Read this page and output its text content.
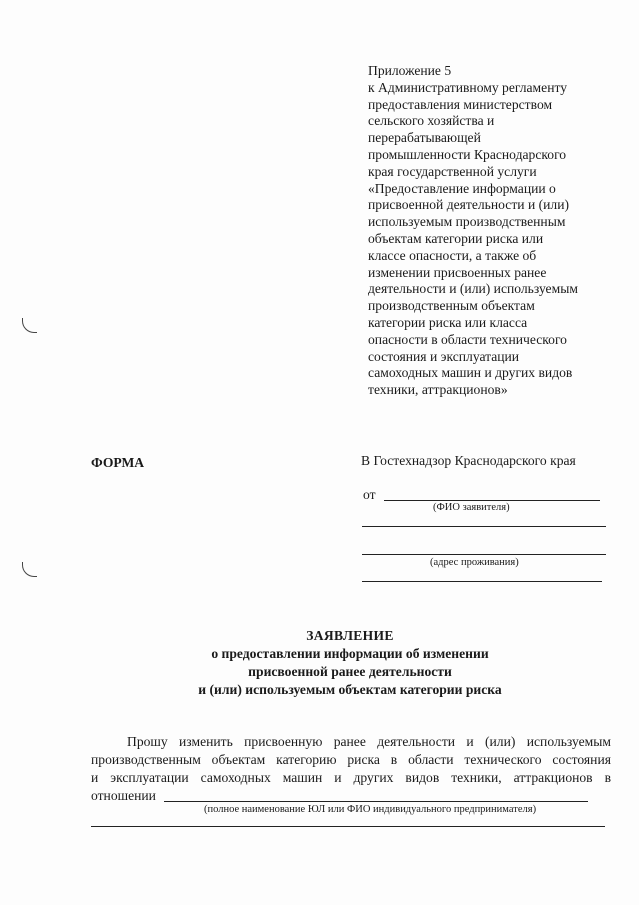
Приложение 5
к Административному регламенту
предоставления министерством
сельского хозяйства и
перерабатывающей
промышленности Краснодарского
края государственной услуги
«Предоставление информации о
присвоенной деятельности и (или)
используемым производственным
объектам категории риска или
классе опасности, а также об
изменении присвоенных ранее
деятельности и (или) используемым
производственным объектам
категории риска или класса
опасности в области технического
состояния и эксплуатации
самоходных машин и других видов
техники, аттракционов»
ФОРМА	В Гостехнадзор Краснодарского края
от
(ФИО заявителя)
(адрес проживания)
ЗАЯВЛЕНИЕ
о предоставлении информации об изменении
присвоенной ранее деятельности
и (или) используемым объектам категории риска
Прошу изменить присвоенную ранее деятельности и (или) используемым
производственным объектам категорию риска в области технического состояния
и эксплуатации самоходных машин и других видов техники, аттракционов в
отношении
(полное наименование ЮЛ или ФИО индивидуального предпринимателя)
